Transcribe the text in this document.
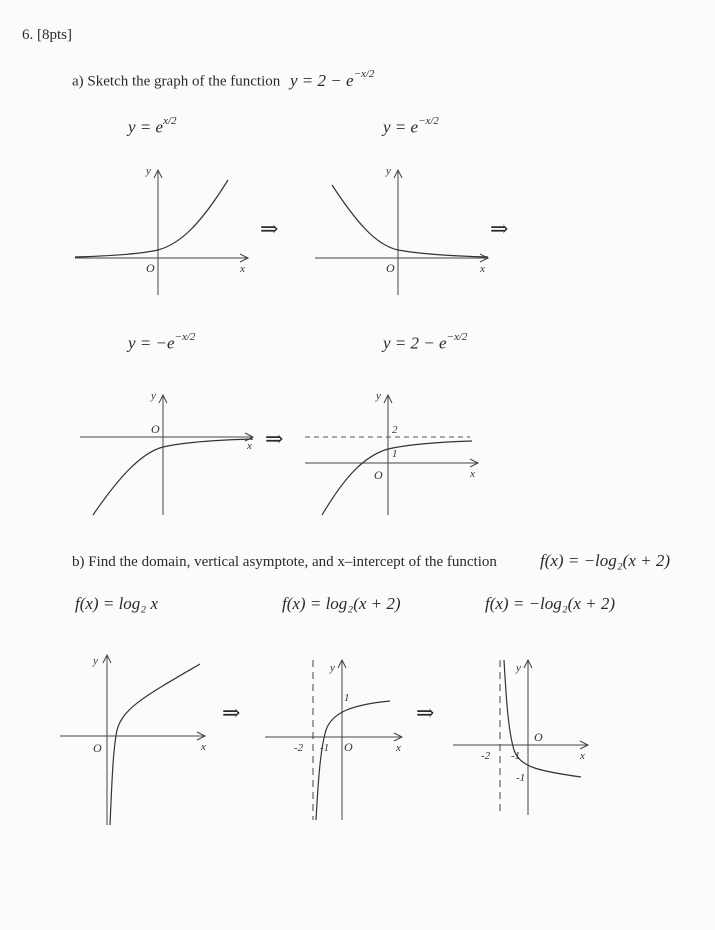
6. [8pts]
a) Sketch the graph of the function $y = 2 - e^{-x/2}$
$y = e^{x/2}$	$y = e^{-x/2}$
$y = -e^{-x/2}$	$y = 2 - e^{-x/2}$
x
y
O
⇒
x
y
O
⇒
x
y
O	⇒	2
1
x
y
O
b) Find the domain, vertical asymptote, and x–intercept of the function	f(x) = −log₂(x + 2)
f(x) = log₂ x	f(x) = log₂(x + 2)	f(x) = −log₂(x + 2)
x
y
O
⇒
-2 -1
1
x
y
O
⇒
-2 -1
-1
x
y
O
